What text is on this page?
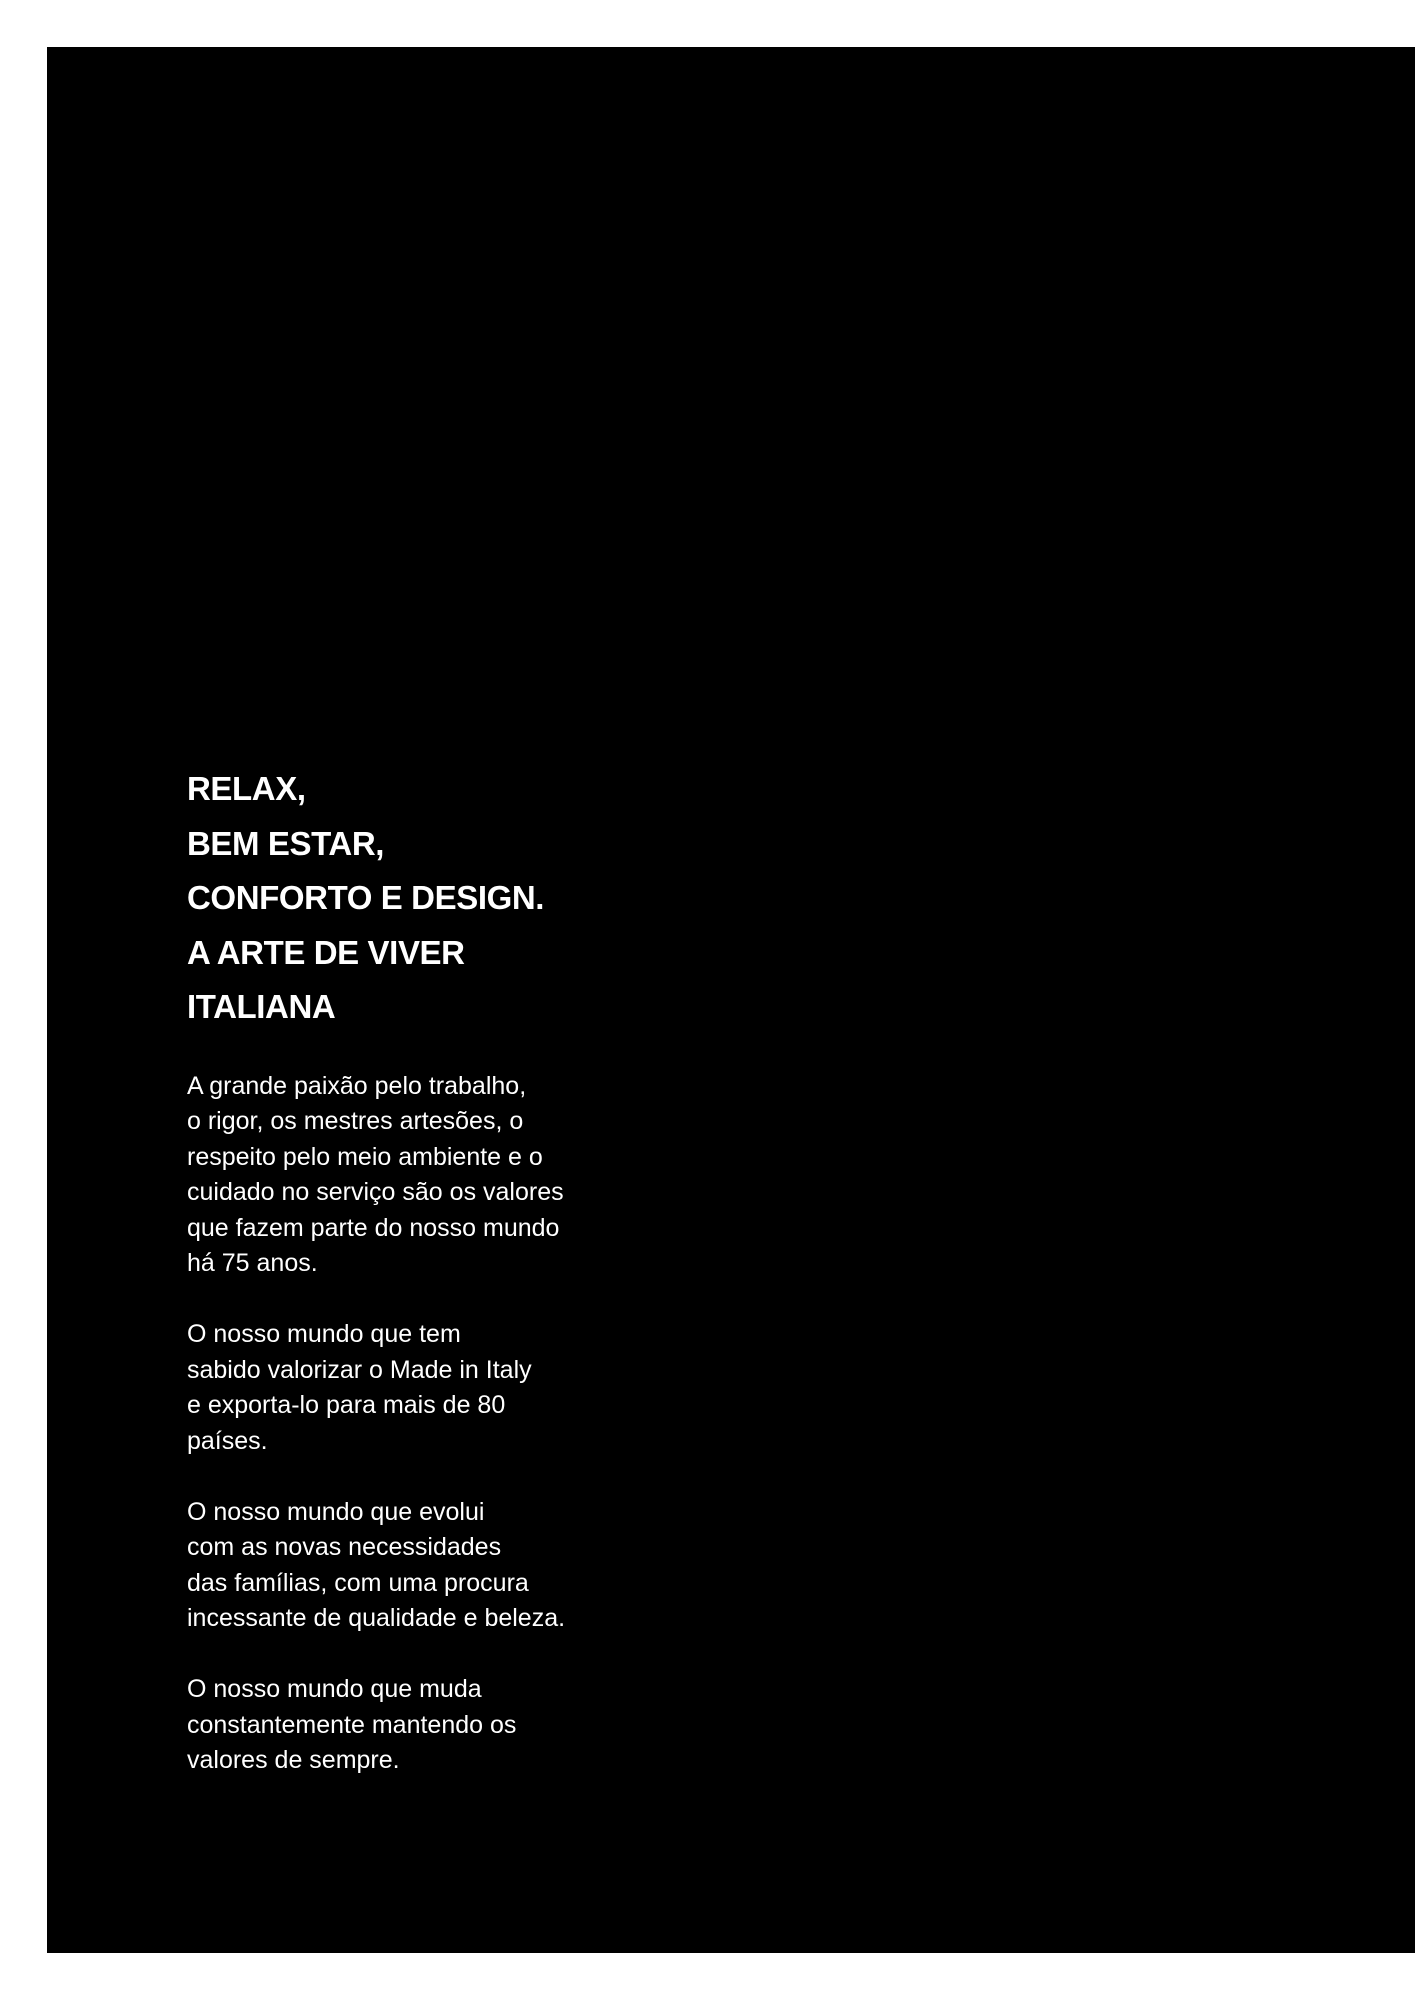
RELAX,
BEM ESTAR,
CONFORTO E DESIGN.
A ARTE DE VIVER
ITALIANA

A grande paixão pelo trabalho,
o rigor, os mestres artesões, o
respeito pelo meio ambiente e o
cuidado no serviço são os valores
que fazem parte do nosso mundo
há 75 anos.

O nosso mundo que tem
sabido valorizar o Made in Italy
e exporta-lo para mais de 80
países.

O nosso mundo que evolui
com as novas necessidades
das famílias, com uma procura
incessante de qualidade e beleza.

O nosso mundo que muda
constantemente mantendo os
valores de sempre.
